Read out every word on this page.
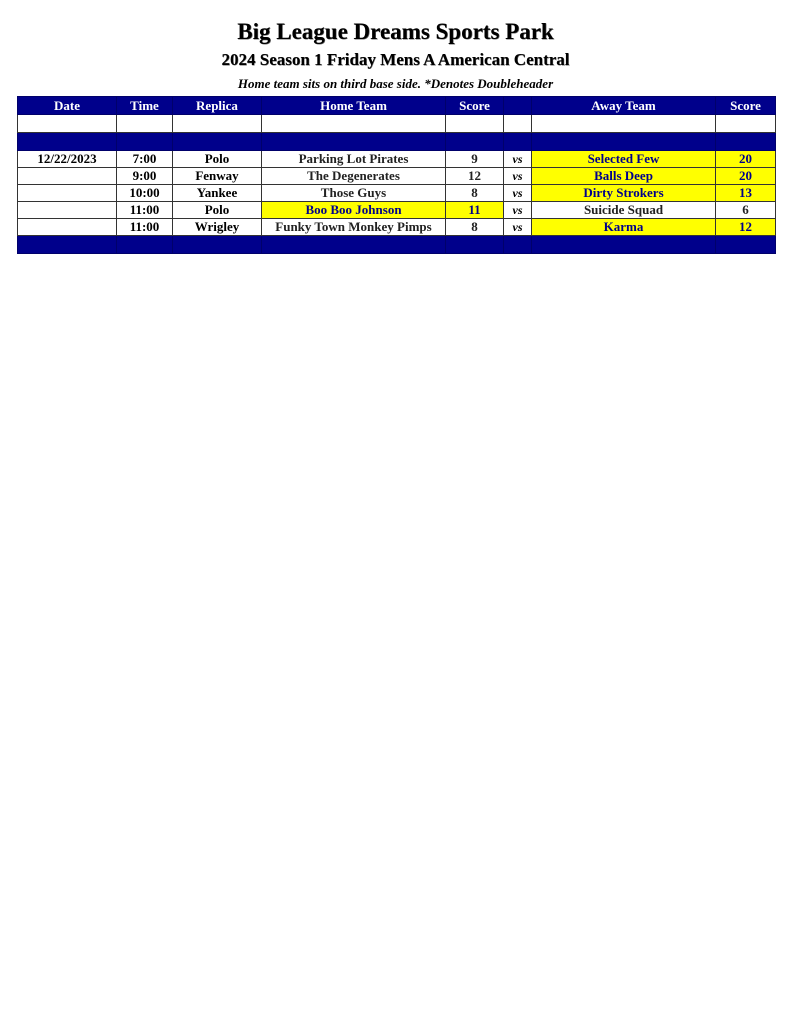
Big League Dreams Sports Park
2024 Season 1 Friday Mens A American Central
Home team sits on third base side. *Denotes Doubleheader
Date	Time	Replica	Home Team	Score		Away Team	Score

12/22/2023	7:00	Polo	Parking Lot Pirates	9	vs	Selected Few	20
	9:00	Fenway	The Degenerates	12	vs	Balls Deep	20
	10:00	Yankee	Those Guys	8	vs	Dirty Strokers	13
	11:00	Polo	Boo Boo Johnson	11	vs	Suicide Squad	6
	11:00	Wrigley	Funky Town Monkey Pimps	8	vs	Karma	12
